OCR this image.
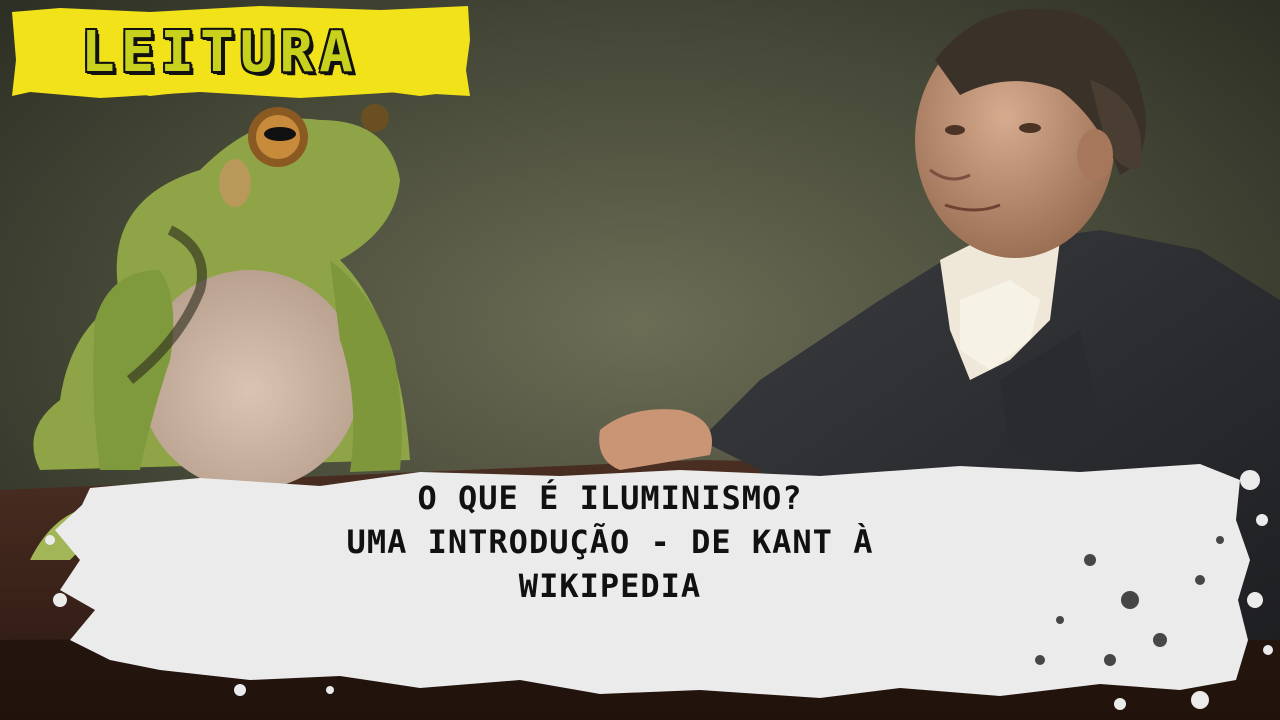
LEITURA
O QUE É ILUMINISMO?
UMA INTRODUÇÃO - DE KANT À
WIKIPEDIA
